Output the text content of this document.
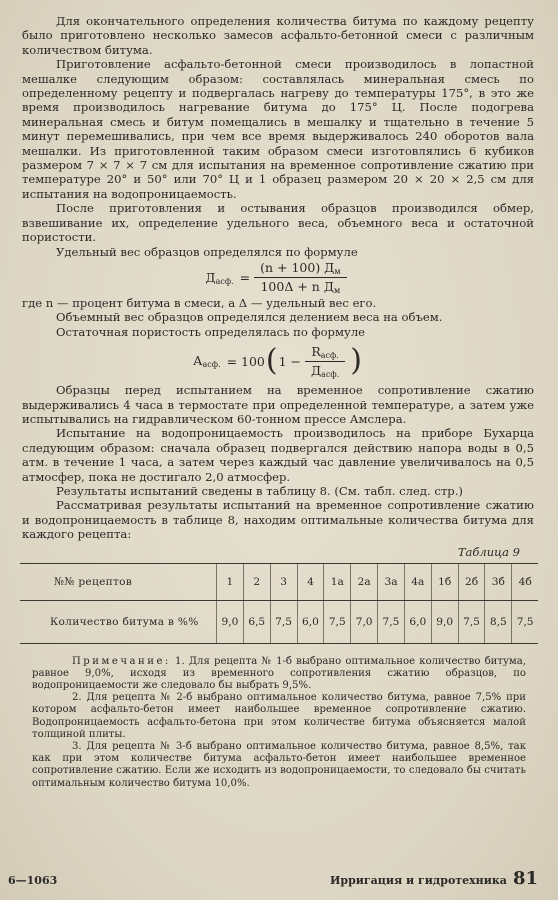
Для окончательного определения количества битума по каждому рецепту было приготовлено несколько замесов асфальто-бетонной смеси с различным количеством битума.

Приготовление асфальто-бетонной смеси производилось в лопастной мешалке следующим образом: составлялась минеральная смесь по определенному рецепту и подвергалась нагреву до температуры 175°, в это же время производилось нагревание битума до 175° Ц. После подогрева минеральная смесь и битум помещались в мешалку и тщательно в течение 5 минут перемешивались, при чем все время выдерживалось 240 оборотов вала мешалки. Из приготовленной таким образом смеси изготовлялись 6 кубиков размером 7 × 7 × 7 см для испытания на временное сопротивление сжатию при температуре 20° и 50° или 70° Ц и 1 образец размером 20 × 20 × 2,5 см для испытания на водопроницаемость.

После приготовления и остывания образцов производился обмер, взвешивание их, определение удельного веса, объемного веса и остаточной пористости.

Удельный вес образцов определялся по формуле

Дасф. = $\frac{(n + 100) Дм}{\text{100Δ + n Дм}}$

где n — процент битума в смеси, а Δ — удельный вес его.

Объемный вес образцов определялся делением веса на объем.

Остаточная пористость определялась по формуле

Аасф. = 100 ( $1 - \frac{\text{Rасф.}}{\text{Дасф.}}$ )

Образцы перед испытанием на временное сопротивление сжатию выдерживались 4 часа в термостате при определенной температуре, а затем уже испытывались на гидравлическом 60-тонном прессе Амслера.

Испытание на водопроницаемость производилось на приборе Бухарца следующим образом: сначала образец подвергался действию напора воды в 0,5 атм. в течение 1 часа, а затем через каждый час давление увеличивалось на 0,5 атмосфер, пока не достигало 2,0 атмосфер.

Результаты испытаний сведены в таблицу 8. (См. табл. след. стр.)

Рассматривая результаты испытаний на временное сопротивление сжатию и водопроницаемость в таблице 8, находим оптимальные количества битума для каждого рецепта:

Таблица 9
№№ рецептов	1	2	3	4	1а	2а	3а	4а	1б	2б	3б	4б
Количество битума в %%	9,0	6,5	7,5	6,0	7,5	7,0	7,5	6,0	9,0	7,5	8,5	7,5

Примечание: 1. Для рецепта № 1-б выбрано оптимальное количество битума, равное 9,0%, исходя из временного сопротивления сжатию образцов, по водопроницаемости же следовало бы выбрать 9,5%.

2. Для рецепта № 2-б выбрано оптимальное количество битума, равное 7,5% при котором асфальто-бетон имеет наибольшее временное сопротивление сжатию. Водопроницаемость асфальто-бетона при этом количестве битума объясняется малой толщиной плиты.

3. Для рецепта № 3-б выбрано оптимальное количество битума, равное 8,5%, так как при этом количестве битума асфальто-бетон имеет наибольшее временное сопротивление сжатию. Если же исходить из водопроницаемости, то следовало бы считать оптимальным количество битума 10,0%.

6—1063	Ирригация и гидротехника 81
